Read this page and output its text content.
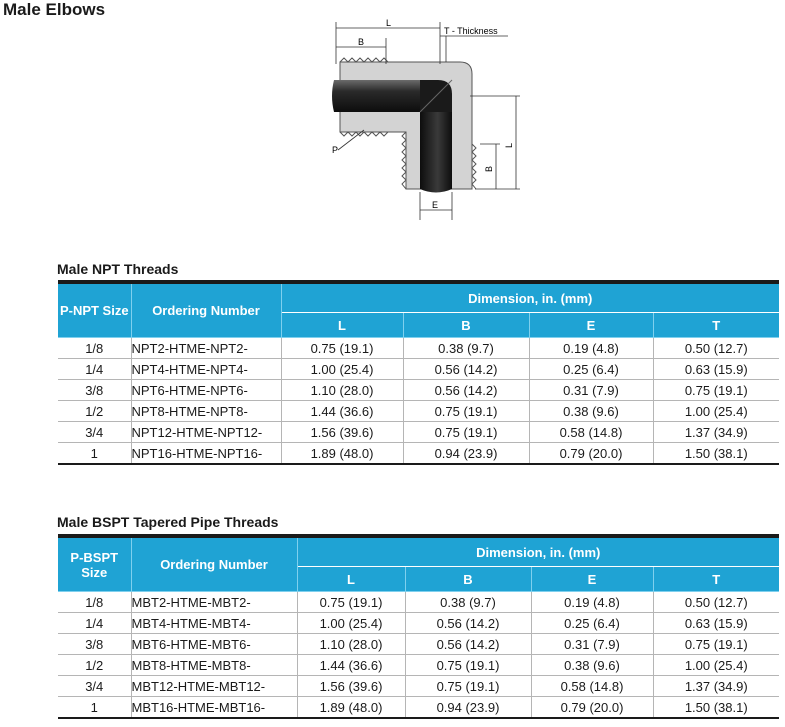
Male Elbows
L
B
T - Thickness
P	L
B
E
Male NPT Threads

P-NPT Size	Ordering Number	Dimension, in. (mm)			
		L	B	E	T
1/8	NPT2-HTME-NPT2-	0.75 (19.1)	0.38 (9.7)	0.19 (4.8)	0.50 (12.7)
1/4	NPT4-HTME-NPT4-	1.00 (25.4)	0.56 (14.2)	0.25 (6.4)	0.63 (15.9)
3/8	NPT6-HTME-NPT6-	1.10 (28.0)	0.56 (14.2)	0.31 (7.9)	0.75 (19.1)
1/2	NPT8-HTME-NPT8-	1.44 (36.6)	0.75 (19.1)	0.38 (9.6)	1.00 (25.4)
3/4	NPT12-HTME-NPT12-	1.56 (39.6)	0.75 (19.1)	0.58 (14.8)	1.37 (34.9)
1	NPT16-HTME-NPT16-	1.89 (48.0)	0.94 (23.9)	0.79 (20.0)	1.50 (38.1)
Male BSPT Tapered Pipe Threads

P-BSPT Size	Ordering Number	Dimension, in. (mm)			
		L	B	E	T
1/8	MBT2-HTME-MBT2-	0.75 (19.1)	0.38 (9.7)	0.19 (4.8)	0.50 (12.7)
1/4	MBT4-HTME-MBT4-	1.00 (25.4)	0.56 (14.2)	0.25 (6.4)	0.63 (15.9)
3/8	MBT6-HTME-MBT6-	1.10 (28.0)	0.56 (14.2)	0.31 (7.9)	0.75 (19.1)
1/2	MBT8-HTME-MBT8-	1.44 (36.6)	0.75 (19.1)	0.38 (9.6)	1.00 (25.4)
3/4	MBT12-HTME-MBT12-	1.56 (39.6)	0.75 (19.1)	0.58 (14.8)	1.37 (34.9)
1	MBT16-HTME-MBT16-	1.89 (48.0)	0.94 (23.9)	0.79 (20.0)	1.50 (38.1)
